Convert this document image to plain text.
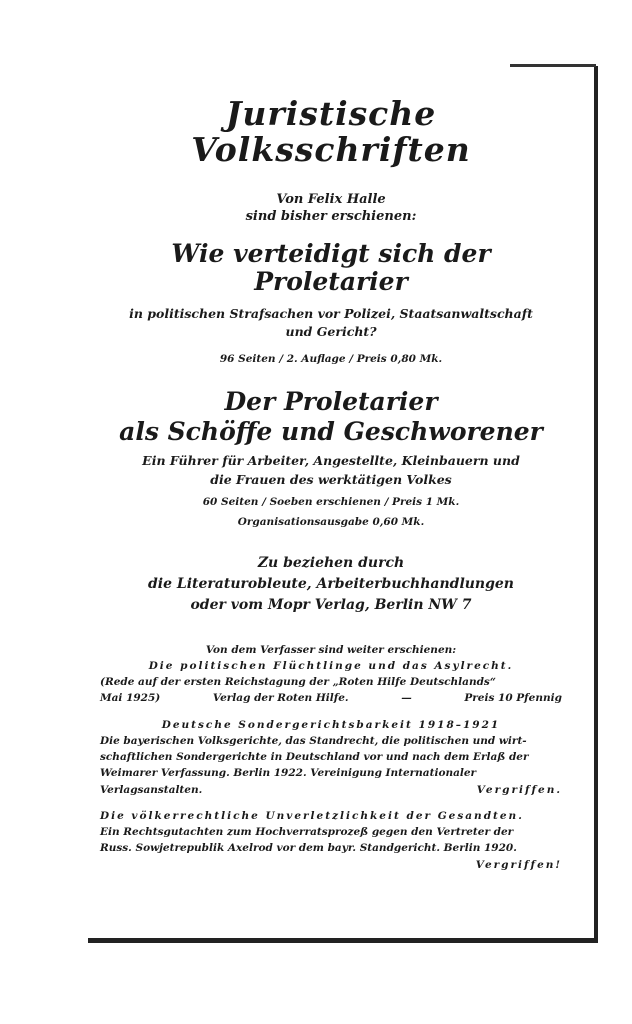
Juristische Volksschriften
Von Felix Halle
sind bisher erschienen:
Wie verteidigt sich der Proletarier
in politischen Strafsachen vor Polizei, Staatsanwaltschaft
und Gericht?
96 Seiten / 2. Auflage / Preis 0,80 Mk.
Der Proletarier
als Schöffe und Geschworener
Ein Führer für Arbeiter, Angestellte, Kleinbauern und
die Frauen des werktätigen Volkes
60 Seiten / Soeben erschienen / Preis 1 Mk.
Organisationsausgabe 0,60 Mk.
Zu beziehen durch
die Literaturobleute, Arbeiterbuchhandlungen
oder vom Mopr Verlag, Berlin NW 7
Von dem Verfasser sind weiter erschienen:
Die politischen Flüchtlinge und das Asylrecht.
(Rede auf der ersten Reichstagung der „Roten Hilfe Deutschlands“
Mai 1925)	Verlag der Roten Hilfe.	—	Preis 10 Pfennig
Deutsche Sondergerichtsbarkeit 1918–1921
Die bayerischen Volksgerichte, das Standrecht, die politischen und wirt-
schaftlichen Sondergerichte in Deutschland vor und nach dem Erlaß der
Weimarer Verfassung. Berlin 1922. Vereinigung Internationaler
Verlagsanstalten.	Vergriffen.
Die völkerrechtliche Unverletzlichkeit der Gesandten.
Ein Rechtsgutachten zum Hochverratsprozeß gegen den Vertreter der
Russ. Sowjetrepublik Axelrod vor dem bayr. Standgericht. Berlin 1920.
Vergriffen!
